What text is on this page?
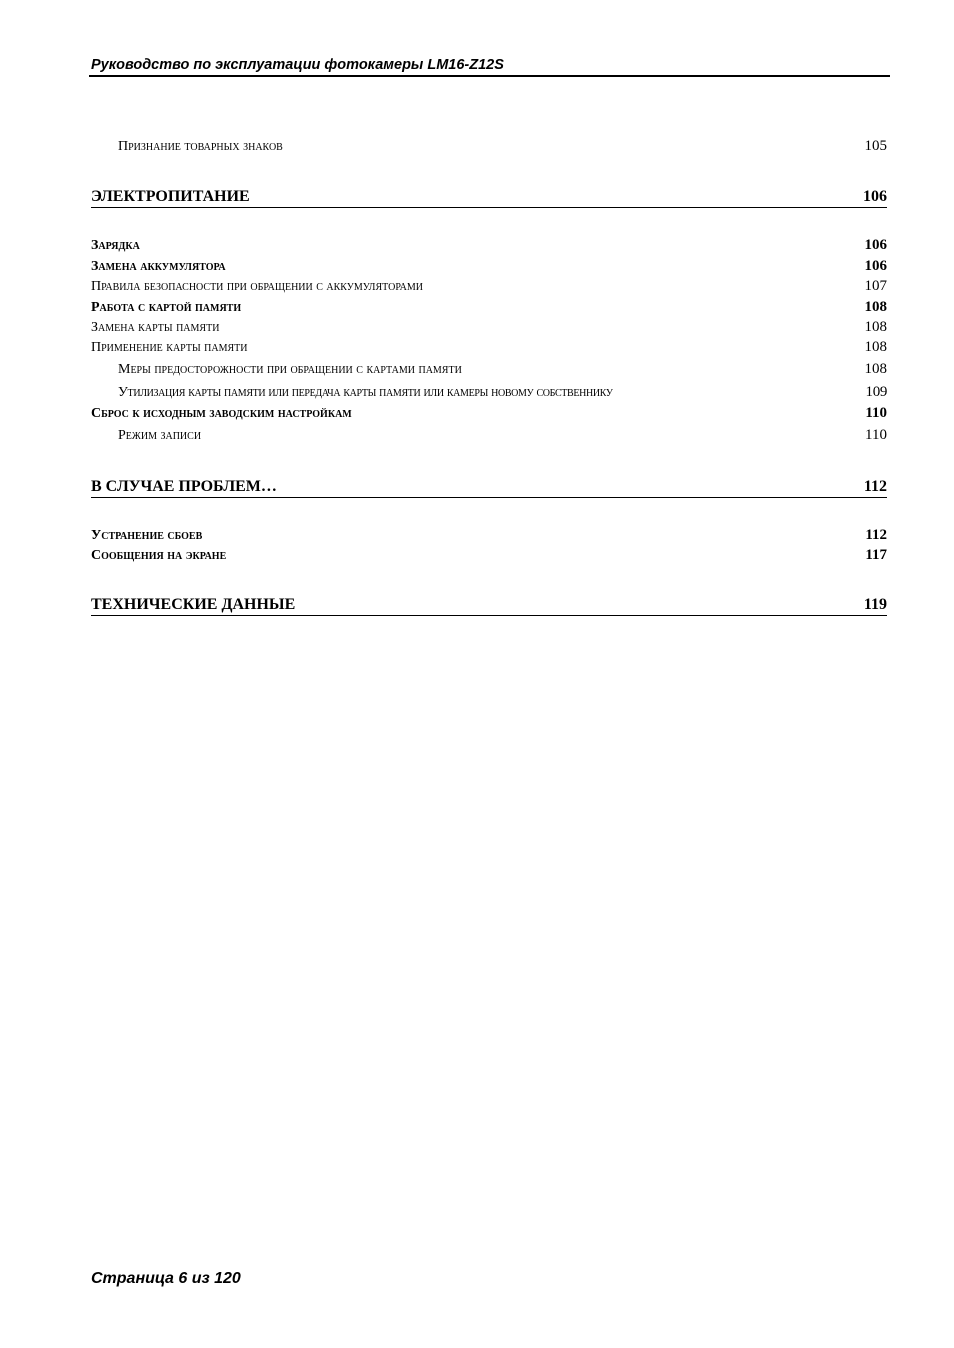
Руководство по эксплуатации фотокамеры LM16-Z12S
Признание товарных знаков	105
ЭЛЕКТРОПИТАНИЕ	106
Зарядка	106
Замена аккумулятора	106
Правила безопасности при обращении с аккумуляторами	107
Работа с картой памяти	108
Замена карты памяти	108
Применение карты памяти	108
Меры предосторожности при обращении с картами памяти	108
Утилизация карты памяти или передача карты памяти или камеры новому собственнику	109
Сброс к исходным заводским настройкам	110
Режим записи	110
В СЛУЧАЕ ПРОБЛЕМ…	112
Устранение сбоев	112
Сообщения на экране	117
ТЕХНИЧЕСКИЕ ДАННЫЕ	119
Страница 6 из 120
